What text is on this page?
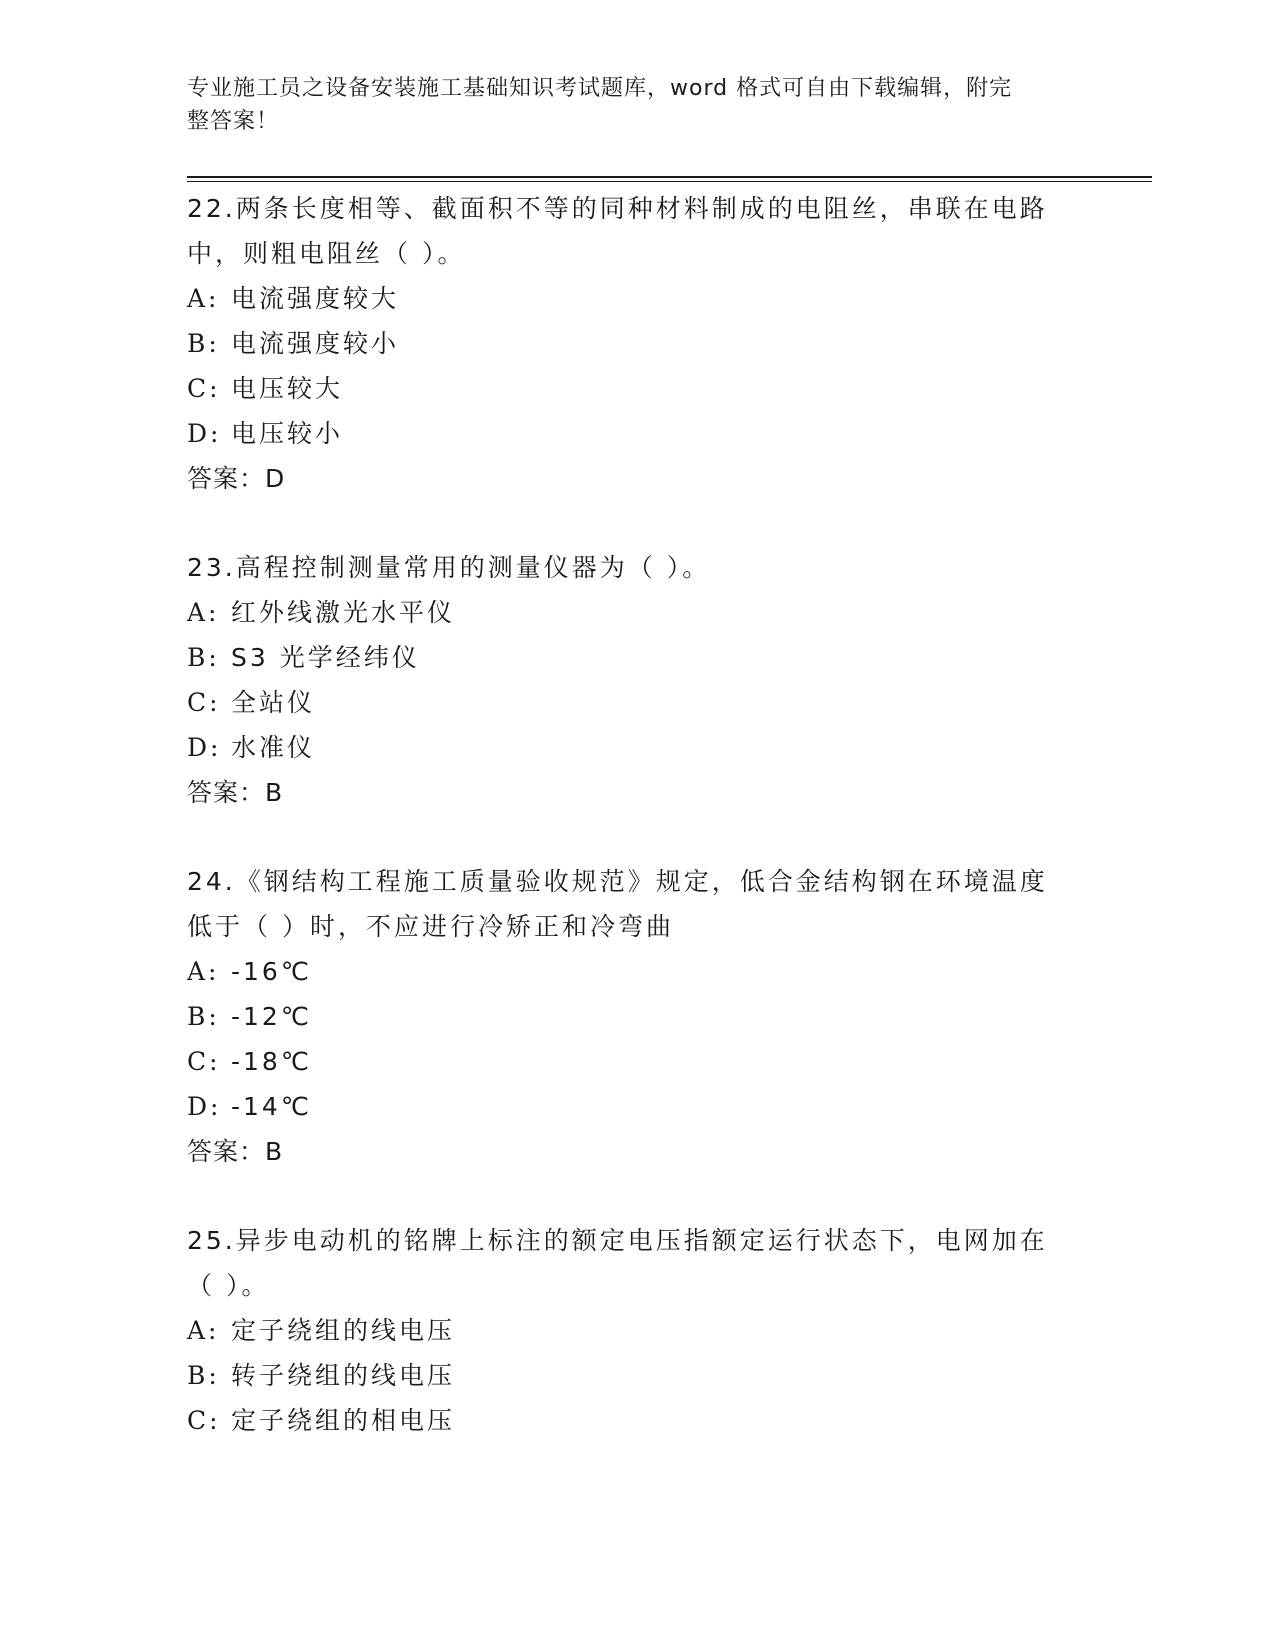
专业施工员之设备安装施工基础知识考试题库，word 格式可自由下载编辑，附完
整答案！

22.两条长度相等、截面积不等的同种材料制成的电阻丝，串联在电路

中，则粗电阻丝（ ）。

A: 电流强度较大
B: 电流强度较小
C: 电压较大
D: 电压较小

答案：D

23.高程控制测量常用的测量仪器为（ ）。

A: 红外线激光水平仪
B: S3 光学经纬仪
C: 全站仪
D: 水准仪

答案：B

24.《钢结构工程施工质量验收规范》规定，低合金结构钢在环境温度

低于（ ）时，不应进行冷矫正和冷弯曲

A: -16℃
B: -12℃
C: -18℃
D: -14℃

答案：B

25.异步电动机的铭牌上标注的额定电压指额定运行状态下，电网加在

（ ）。

A: 定子绕组的线电压
B: 转子绕组的线电压
C: 定子绕组的相电压
